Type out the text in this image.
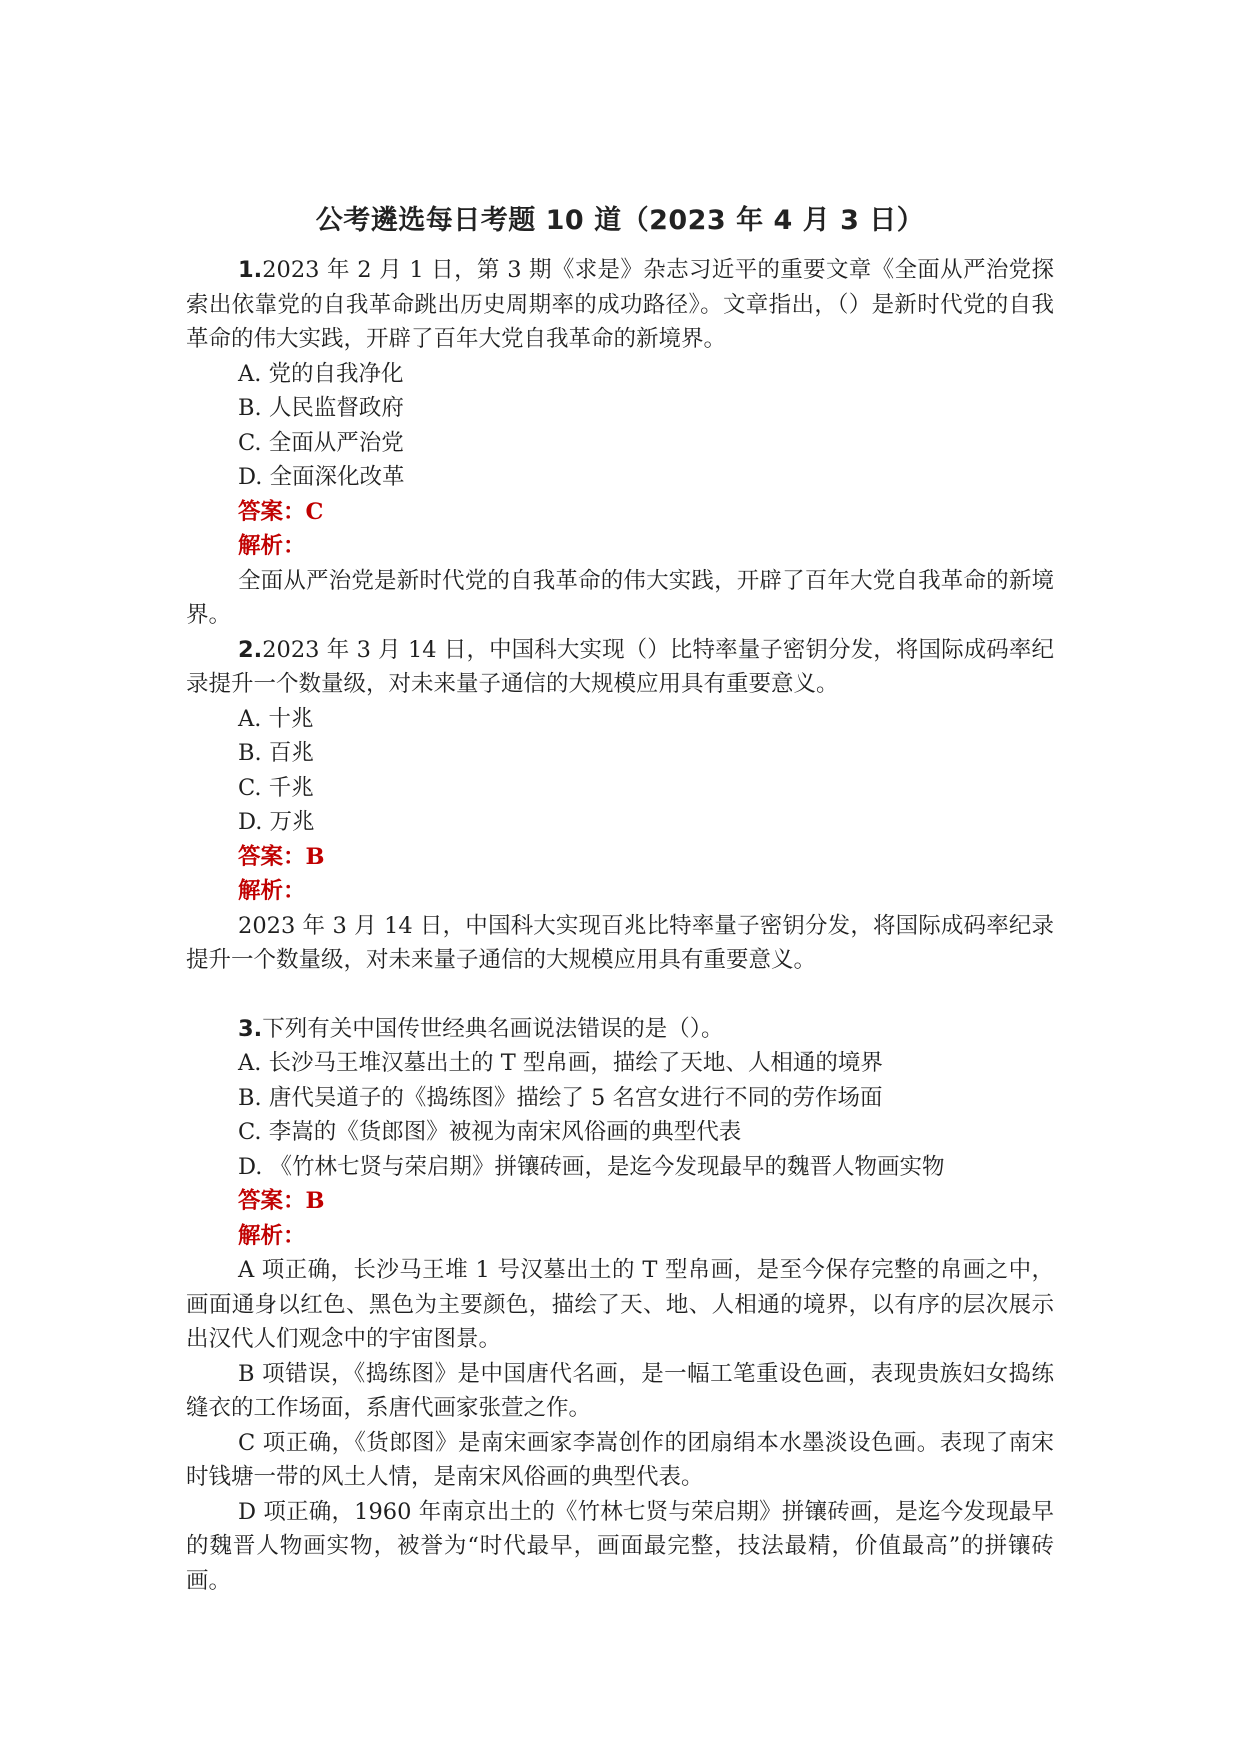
公考遴选每日考题 10 道（2023 年 4 月 3 日）

1.2023 年 2 月 1 日，第 3 期《求是》杂志习近平的重要文章《全面从严治党探索出依靠党的自我革命跳出历史周期率的成功路径》。文章指出，（）是新时代党的自我革命的伟大实践，开辟了百年大党自我革命的新境界。

A. 党的自我净化

B. 人民监督政府

C. 全面从严治党

D. 全面深化改革

答案：C

解析：

全面从严治党是新时代党的自我革命的伟大实践，开辟了百年大党自我革命的新境界。

2.2023 年 3 月 14 日，中国科大实现（）比特率量子密钥分发，将国际成码率纪录提升一个数量级，对未来量子通信的大规模应用具有重要意义。

A. 十兆

B. 百兆

C. 千兆

D. 万兆

答案：B

解析：

2023 年 3 月 14 日，中国科大实现百兆比特率量子密钥分发，将国际成码率纪录提升一个数量级，对未来量子通信的大规模应用具有重要意义。

3.下列有关中国传世经典名画说法错误的是（）。

A. 长沙马王堆汉墓出土的 T 型帛画，描绘了天地、人相通的境界

B. 唐代吴道子的《捣练图》描绘了 5 名宫女进行不同的劳作场面

C. 李嵩的《货郎图》被视为南宋风俗画的典型代表

D. 《竹林七贤与荣启期》拼镶砖画，是迄今发现最早的魏晋人物画实物

答案：B

解析：

A 项正确，长沙马王堆 1 号汉墓出土的 T 型帛画，是至今保存完整的帛画之中，画面通身以红色、黑色为主要颜色，描绘了天、地、人相通的境界，以有序的层次展示出汉代人们观念中的宇宙图景。

B 项错误，《捣练图》是中国唐代名画，是一幅工笔重设色画，表现贵族妇女捣练缝衣的工作场面，系唐代画家张萱之作。

C 项正确，《货郎图》是南宋画家李嵩创作的团扇绢本水墨淡设色画。表现了南宋时钱塘一带的风土人情，是南宋风俗画的典型代表。

D 项正确，1960 年南京出土的《竹林七贤与荣启期》拼镶砖画，是迄今发现最早的魏晋人物画实物，被誉为“时代最早，画面最完整，技法最精，价值最高”的拼镶砖画。
